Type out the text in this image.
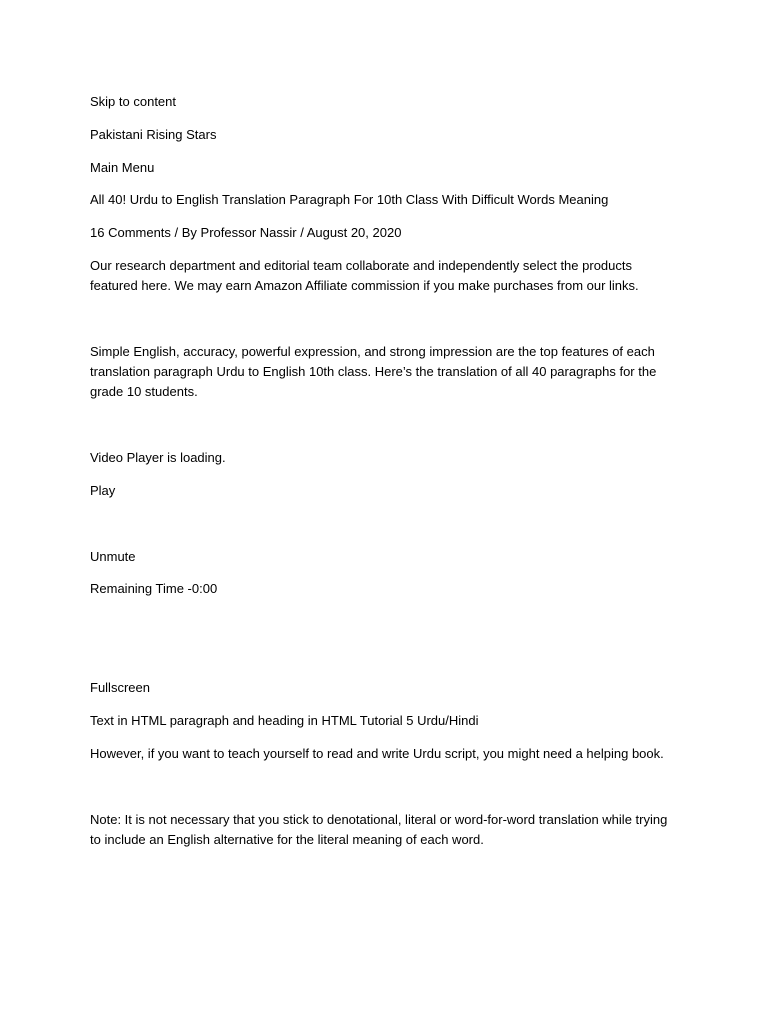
Skip to content
Pakistani Rising Stars
Main Menu
All 40! Urdu to English Translation Paragraph For 10th Class With Difficult Words Meaning

16 Comments / By Professor Nassir / August 20, 2020

Our research department and editorial team collaborate and independently select the products featured here. We may earn Amazon Affiliate commission if you make purchases from our links.

Simple English, accuracy, powerful expression, and strong impression are the top features of each translation paragraph Urdu to English 10th class. Here’s the translation of all 40 paragraphs for the grade 10 students.

Video Player is loading.

Play
Unmute

Remaining Time -0:00

Fullscreen
Text in HTML paragraph and heading in HTML Tutorial 5 Urdu/Hindi

However, if you want to teach yourself to read and write Urdu script, you might need a helping book.

Note: It is not necessary that you stick to denotational, literal or word-for-word translation while trying to include an English alternative for the literal meaning of each word.
